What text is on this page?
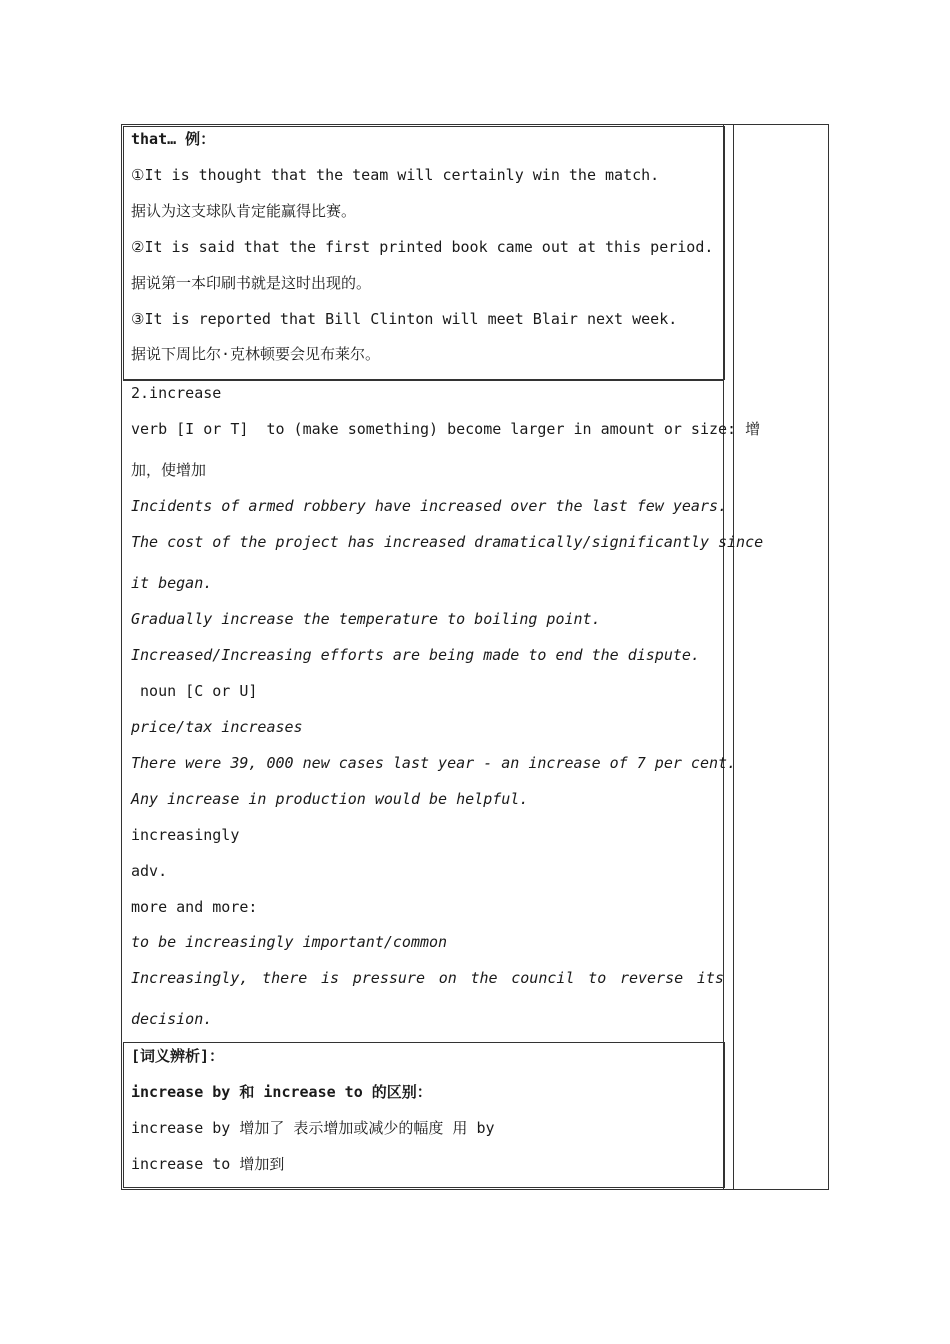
that… 例：
①It is thought that the team will certainly win the match.
据认为这支球队肯定能赢得比赛。
②It is said that the first printed book came out at this period.
据说第一本印刷书就是这时出现的。
③It is reported that Bill Clinton will meet Blair next week.
据说下周比尔·克林顿要会见布莱尔。
2.increase
verb [I or T]  to (make something) become larger in amount or size: 增
加，使增加
Incidents of armed robbery have increased over the last few years.
The cost of the project has increased dramatically/significantly since
it began.
Gradually increase the temperature to boiling point.
Increased/Increasing efforts are being made to end the dispute.
noun [C or U]
price/tax increases
There were 39, 000 new cases last year - an increase of 7 per cent.
Any increase in production would be helpful.
increasingly
adv.
more and more:
to be increasingly important/common
Increasingly, there is pressure on the council to reverse its
decision.
[词义辨析]：
increase by 和 increase to 的区别：
increase by 增加了 表示增加或减少的幅度 用 by
increase to 增加到
